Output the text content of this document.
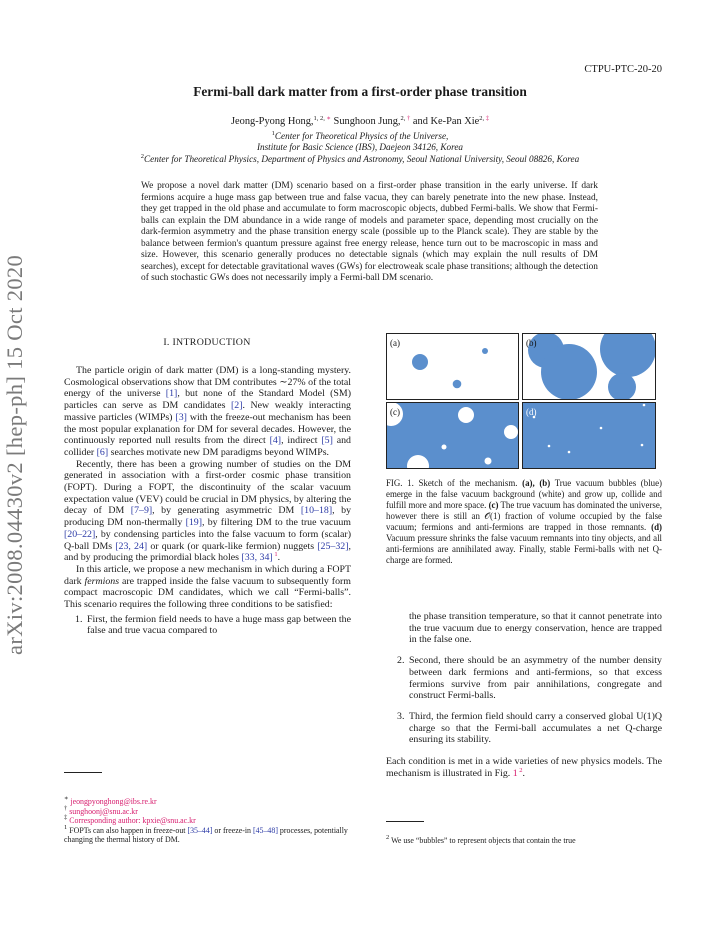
CTPU-PTC-20-20
Fermi-ball dark matter from a first-order phase transition
Jeong-Pyong Hong,$^{1, 2,}$ ∗ Sunghoon Jung,$^{2,}$ † and Ke-Pan Xie$^{2,}$ ‡
$^1$Center for Theoretical Physics of the Universe,
Institute for Basic Science (IBS), Daejeon 34126, Korea
$^2$Center for Theoretical Physics, Department of Physics and Astronomy, Seoul National University, Seoul 08826, Korea
We propose a novel dark matter (DM) scenario based on a first-order phase transition in the early universe. If dark fermions acquire a huge mass gap between true and false vacua, they can barely penetrate into the new phase. Instead, they get trapped in the old phase and accumulate to form macroscopic objects, dubbed Fermi-balls. We show that Fermi-balls can explain the DM abundance in a wide range of models and parameter space, depending most crucially on the dark-fermion asymmetry and the phase transition energy scale (possible up to the Planck scale). They are stable by the balance between fermion's quantum pressure against free energy release, hence turn out to be macroscopic in mass and size. However, this scenario generally produces no detectable signals (which may explain the null results of DM searches), except for detectable gravitational waves (GWs) for electroweak scale phase transitions; although the detection of such stochastic GWs does not necessarily imply a Fermi-ball DM scenario.
arXiv:2008.04430v2 [hep-ph] 15 Oct 2020	I. INTRODUCTION

The particle origin of dark matter (DM) is a long-standing mystery. Cosmological observations show that DM contributes ∼27% of the total energy of the universe [1], but none of the Standard Model (SM) particles can serve as DM candidates [2]. New weakly interacting massive particles (WIMPs) [3] with the freeze-out mechanism has been the most popular explanation for DM for several decades. However, the continuously reported null results from the direct [4], indirect [5] and collider [6] searches motivate new DM paradigms beyond WIMPs.

Recently, there has been a growing number of studies on the DM generated in association with a first-order cosmic phase transition (FOPT). During a FOPT, the discontinuity of the scalar vacuum expectation value (VEV) could be crucial in DM physics, by altering the decay of DM [7–9], by generating asymmetric DM [10–18], by producing DM non-thermally [19], by filtering DM to the true vacuum [20–22], by condensing particles into the false vacuum to form (scalar) Q-ball DMs [23, 24] or quark (or quark-like fermion) nuggets [25–32], and by producing the primordial black holes [33, 34] $^1$.

In this article, we propose a new mechanism in which during a FOPT dark fermions are trapped inside the false vacuum to subsequently form compact macroscopic DM candidates, which we call “Fermi-balls”. This scenario requires the following three conditions to be satisfied:

1. First, the fermion field needs to have a huge mass gap between the false and true vacua compared to

∗ jeongpyonghong@ibs.re.kr
† sunghoonj@snu.ac.kr
‡ Corresponding author: kpxie@snu.ac.kr
$^1$ FOPTs can also happen in freeze-out [35–44] or freeze-in [45–48] processes, potentially changing the thermal history of DM.
(a)	(b)
(c)	(d)
FIG. 1. Sketch of the mechanism. (a), (b) True vacuum bubbles (blue) emerge in the false vacuum background (white) and grow up, collide and fulfill more and more space. (c) The true vacuum has dominated the universe, however there is still an 𝒪(1) fraction of volume occupied by the false vacuum; fermions and anti-fermions are trapped in those remnants. (d) Vacuum pressure shrinks the false vacuum remnants into tiny objects, and all anti-fermions are annihilated away. Finally, stable Fermi-balls with net Q-charge are formed.

the phase transition temperature, so that it cannot penetrate into the true vacuum due to energy conservation, hence are trapped in the false one.

2. Second, there should be an asymmetry of the number density between dark fermions and anti-fermions, so that excess fermions survive from pair annihilations, congregate and construct Fermi-balls.

3. Third, the fermion field should carry a conserved global U(1)Q charge so that the Fermi-ball accumulates a net Q-charge ensuring its stability.

Each condition is met in a wide varieties of new physics models. The mechanism is illustrated in Fig. 1 $^2$.

$^2$ We use “bubbles” to represent objects that contain the true
